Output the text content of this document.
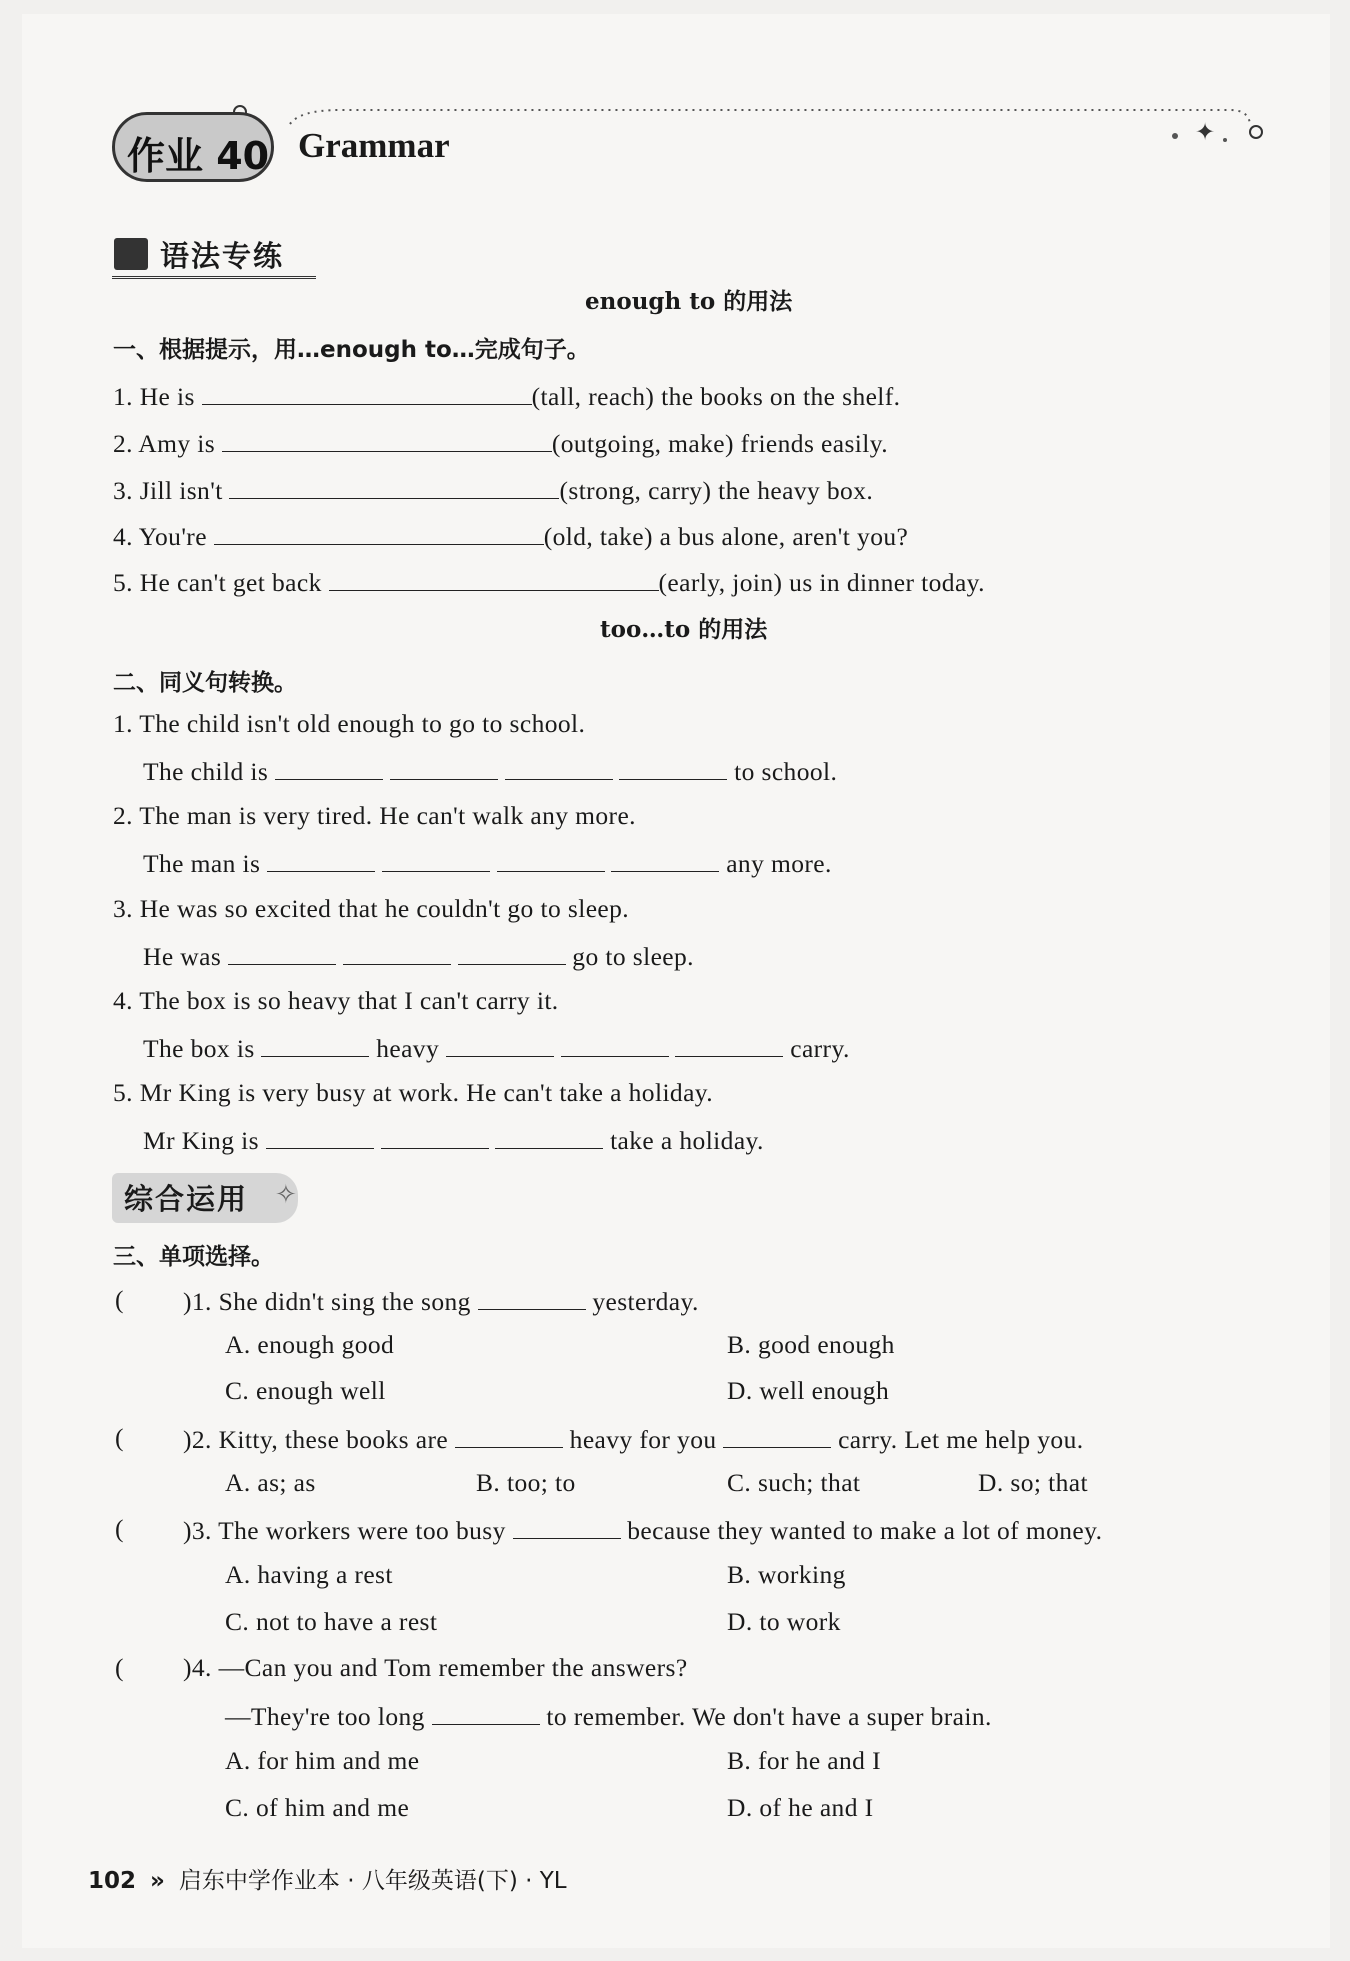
✦
作业 40 Grammar
语法专练
enough to 的用法
一、根据提示，用…enough to…完成句子。
1. He is	(tall, reach) the books on the shelf.
2. Amy is	(outgoing, make) friends easily.
3. Jill isn't	(strong, carry) the heavy box.
4. You're	(old, take) a bus alone, aren't you?
5. He can't get back	(early, join) us in dinner today.
too…to 的用法
二、同义句转换。
1. The child isn't old enough to go to school.
The child is	to school.
2. The man is very tired. He can't walk any more.
The man is	any more.
3. He was so excited that he couldn't go to sleep.
He was	go to sleep.
4. The box is so heavy that I can't carry it.
The box is	heavy	carry.
5. Mr King is very busy at work. He can't take a holiday.
Mr King is	take a holiday.
综合运用 ✧
三、单项选择。
( )1. She didn't sing the song	yesterday.
A. enough good	B. good enough
C. enough well	D. well enough
( )2. Kitty, these books are	heavy for you	carry. Let me help you.
A. as; as	B. too; to	C. such; that	D. so; that
( )3. The workers were too busy	because they wanted to make a lot of money.
A. having a rest	B. working
C. not to have a rest	D. to work
( )4. —Can you and Tom remember the answers?
—They're too long	to remember. We don't have a super brain.
A. for him and me	B. for he and I
C. of him and me	D. of he and I
102 » 启东中学作业本 · 八年级英语(下) · YL
